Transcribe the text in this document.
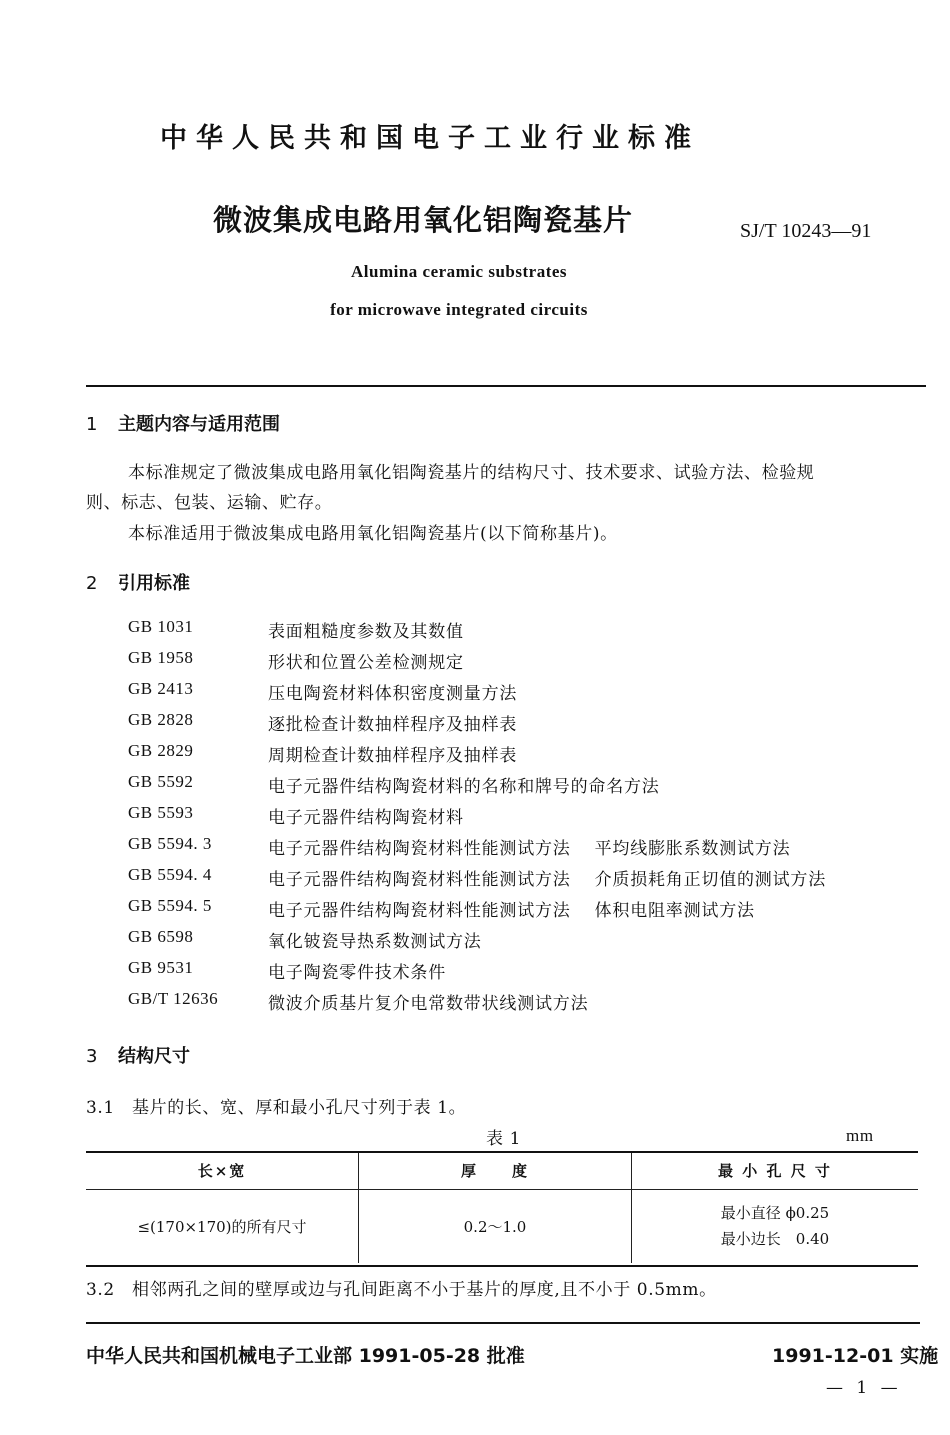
中华人民共和国电子工业行业标准
微波集成电路用氧化铝陶瓷基片	SJ/T 10243—91
Alumina ceramic substrates
for microwave integrated circuits
1 主题内容与适用范围
本标准规定了微波集成电路用氧化铝陶瓷基片的结构尺寸、技术要求、试验方法、检验规
则、标志、包装、运输、贮存。
本标准适用于微波集成电路用氧化铝陶瓷基片(以下简称基片)。
2 引用标准
GB 1031	表面粗糙度参数及其数值
GB 1958	形状和位置公差检测规定
GB 2413	压电陶瓷材料体积密度测量方法
GB 2828	逐批检查计数抽样程序及抽样表
GB 2829	周期检查计数抽样程序及抽样表
GB 5592	电子元器件结构陶瓷材料的名称和牌号的命名方法
GB 5593	电子元器件结构陶瓷材料
GB 5594. 3	电子元器件结构陶瓷材料性能测试方法 平均线膨胀系数测试方法
GB 5594. 4	电子元器件结构陶瓷材料性能测试方法 介质损耗角正切值的测试方法
GB 5594. 5	电子元器件结构陶瓷材料性能测试方法 体积电阻率测试方法
GB 6598	氧化铍瓷导热系数测试方法
GB 9531	电子陶瓷零件技术条件
GB/T 12636	微波介质基片复介电常数带状线测试方法
3 结构尺寸
3.1 基片的长、宽、厚和最小孔尺寸列于表 1。
表 1	mm
长×宽	厚　　度	最 小 孔 尺 寸
≤(170×170)的所有尺寸	0.2～1.0	最小直径 ϕ0.25
最小边长　0.40
3.2 相邻两孔之间的壁厚或边与孔间距离不小于基片的厚度,且不小于 0.5mm。
中华人民共和国机械电子工业部 1991-05-28 批准	1991-12-01 实施
— 1 —
